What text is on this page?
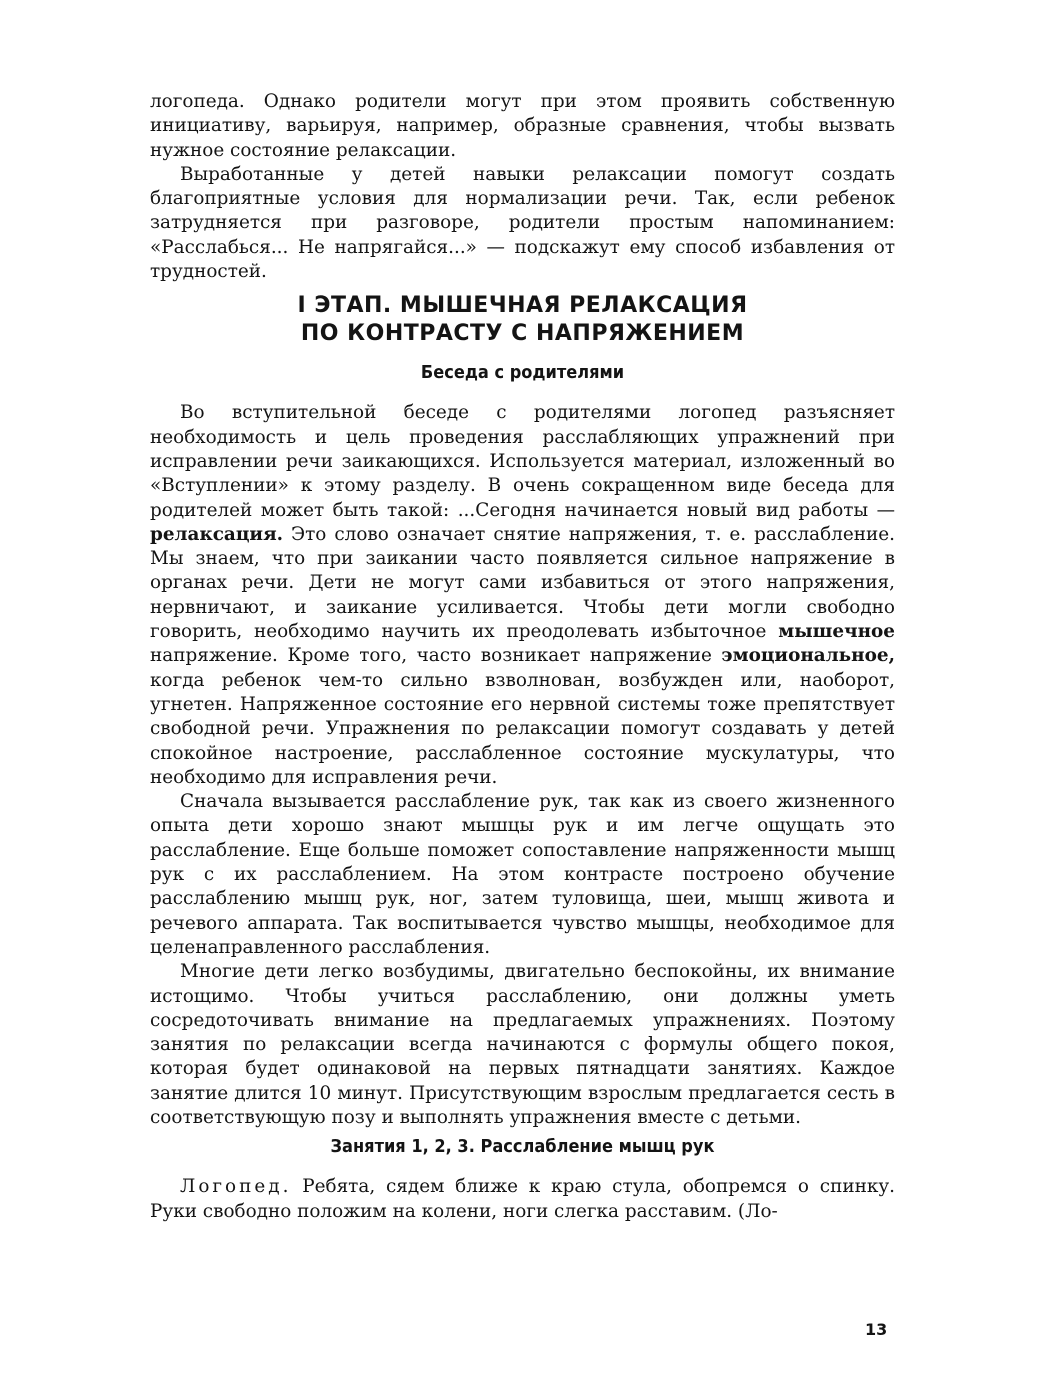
логопеда. Однако родители могут при этом проявить собственную инициативу, варьируя, например, образные сравнения, чтобы вызвать нужное состояние релаксации.

Выработанные у детей навыки релаксации помогут создать благоприятные условия для нормализации речи. Так, если ребенок затрудняется при разговоре, родители простым напоминанием: «Расслабься... Не напрягайся...» — подскажут ему способ избавления от трудностей.

I ЭТАП. МЫШЕЧНАЯ РЕЛАКСАЦИЯ
ПО КОНТРАСТУ С НАПРЯЖЕНИЕМ
Беседа с родителями

Во вступительной беседе с родителями логопед разъясняет необходимость и цель проведения расслабляющих упражнений при исправлении речи заикающихся. Используется материал, изложенный во «Вступлении» к этому разделу. В очень сокращенном виде беседа для родителей может быть такой: ...Сегодня начинается новый вид работы — релаксация. Это слово означает снятие напряжения, т. е. расслабление. Мы знаем, что при заикании часто появляется сильное напряжение в органах речи. Дети не могут сами избавиться от этого напряжения, нервничают, и заикание усиливается. Чтобы дети могли свободно говорить, необходимо научить их преодолевать избыточное мышечное напряжение. Кроме того, часто возникает напряжение эмоциональное, когда ребенок чем-то сильно взволнован, возбужден или, наоборот, угнетен. Напряженное состояние его нервной системы тоже препятствует свободной речи. Упражнения по релаксации помогут создавать у детей спокойное настроение, расслабленное состояние мускулатуры, что необходимо для исправления речи.

Сначала вызывается расслабление рук, так как из своего жизненного опыта дети хорошо знают мышцы рук и им легче ощущать это расслабление. Еще больше поможет сопоставление напряженности мышц рук с их расслаблением. На этом контрасте построено обучение расслаблению мышц рук, ног, затем туловища, шеи, мышц живота и речевого аппарата. Так воспитывается чувство мышцы, необходимое для целенаправленного расслабления.

Многие дети легко возбудимы, двигательно беспокойны, их внимание истощимо. Чтобы учиться расслаблению, они должны уметь сосредоточивать внимание на предлагаемых упражнениях. Поэтому занятия по релаксации всегда начинаются с формулы общего покоя, которая будет одинаковой на первых пятнадцати занятиях. Каждое занятие длится 10 минут. Присутствующим взрослым предлагается сесть в соответствующую позу и выполнять упражнения вместе с детьми.

Занятия 1, 2, 3. Расслабление мышц рук

Логопед. Ребята, сядем ближе к краю стула, обопремся о спинку. Руки свободно положим на колени, ноги слегка расставим. (Ло-

13
